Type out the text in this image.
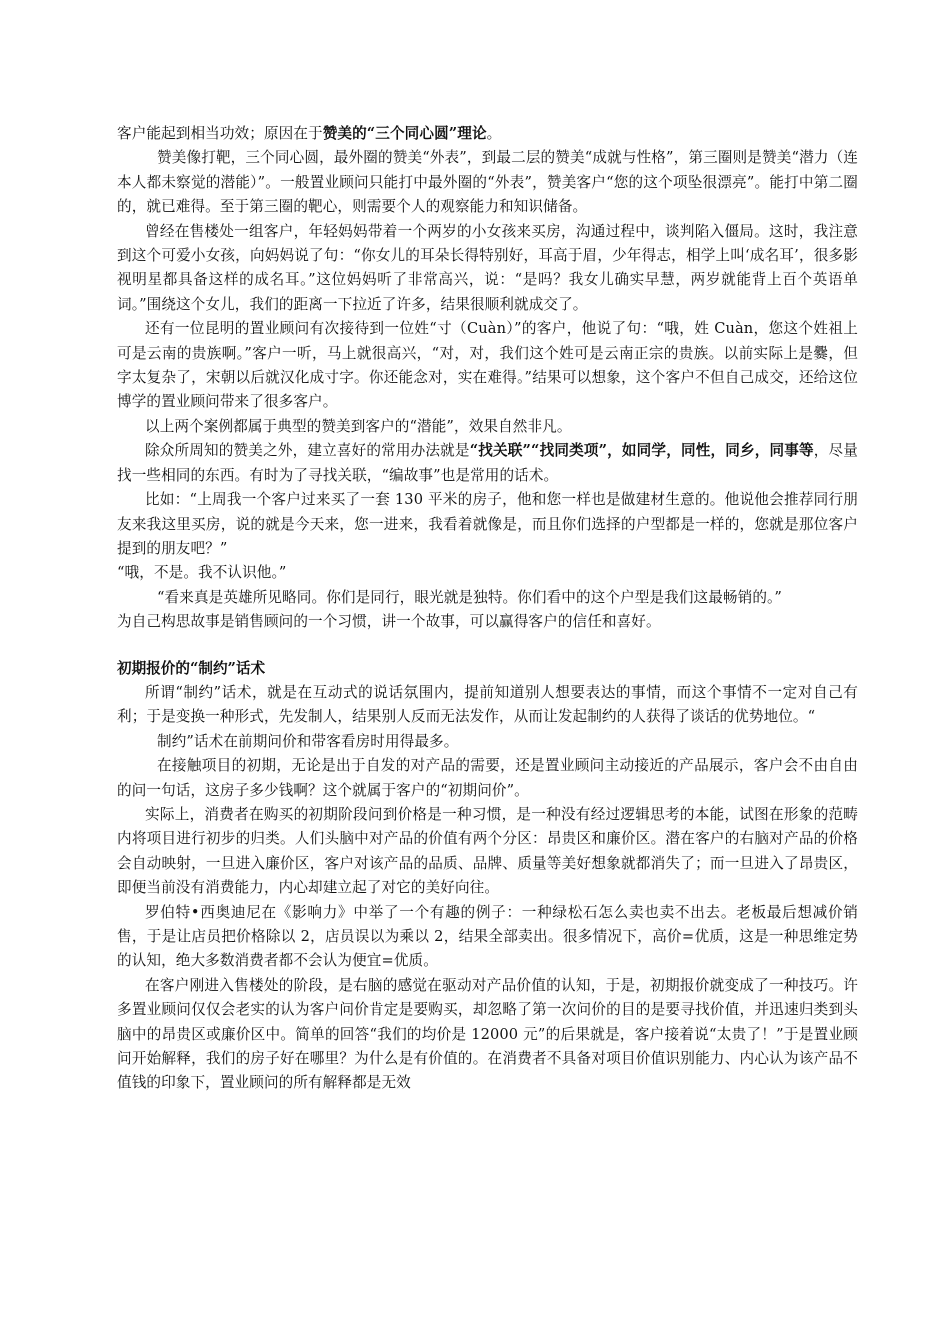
客户能起到相当功效；原因在于赞美的“三个同心圆”理论。

赞美像打靶，三个同心圆，最外圈的赞美“外表”，到最二层的赞美“成就与性格”，第三圈则是赞美“潜力（连本人都未察觉的潜能）”。一般置业顾问只能打中最外圈的“外表”，赞美客户“您的这个项坠很漂亮”。能打中第二圈的，就已难得。至于第三圈的靶心，则需要个人的观察能力和知识储备。

曾经在售楼处一组客户，年轻妈妈带着一个两岁的小女孩来买房，沟通过程中，谈判陷入僵局。这时，我注意到这个可爱小女孩，向妈妈说了句：“你女儿的耳朵长得特别好，耳高于眉，少年得志，相学上叫‘成名耳’，很多影视明星都具备这样的成名耳。”这位妈妈听了非常高兴，说：“是吗？我女儿确实早慧，两岁就能背上百个英语单词。”围绕这个女儿，我们的距离一下拉近了许多，结果很顺利就成交了。

还有一位昆明的置业顾问有次接待到一位姓“寸（Cuàn）”的客户，他说了句：“哦，姓 Cuàn，您这个姓祖上可是云南的贵族啊。”客户一听，马上就很高兴，“对，对，我们这个姓可是云南正宗的贵族。以前实际上是爨，但字太复杂了，宋朝以后就汉化成寸字。你还能念对，实在难得。”结果可以想象，这个客户不但自己成交，还给这位博学的置业顾问带来了很多客户。

以上两个案例都属于典型的赞美到客户的“潜能”，效果自然非凡。

除众所周知的赞美之外，建立喜好的常用办法就是“找关联”“找同类项”，如同学，同性，同乡，同事等，尽量找一些相同的东西。有时为了寻找关联，“编故事”也是常用的话术。

比如：“上周我一个客户过来买了一套 130 平米的房子，他和您一样也是做建材生意的。他说他会推荐同行朋友来我这里买房，说的就是今天来，您一进来，我看着就像是，而且你们选择的户型都是一样的，您就是那位客户提到的朋友吧？”

“哦，不是。我不认识他。”

“看来真是英雄所见略同。你们是同行，眼光就是独特。你们看中的这个户型是我们这最畅销的。”

为自己构思故事是销售顾问的一个习惯，讲一个故事，可以赢得客户的信任和喜好。

初期报价的“制约”话术

所谓“制约”话术，就是在互动式的说话氛围内，提前知道别人想要表达的事情，而这个事情不一定对自己有利；于是变换一种形式，先发制人，结果别人反而无法发作，从而让发起制约的人获得了谈话的优势地位。“

制约”话术在前期问价和带客看房时用得最多。

在接触项目的初期，无论是出于自发的对产品的需要，还是置业顾问主动接近的产品展示，客户会不由自由的问一句话，这房子多少钱啊？这个就属于客户的“初期问价”。

实际上，消费者在购买的初期阶段问到价格是一种习惯，是一种没有经过逻辑思考的本能，试图在形象的范畴内将项目进行初步的归类。人们头脑中对产品的价值有两个分区：昂贵区和廉价区。潜在客户的右脑对产品的价格会自动映射，一旦进入廉价区，客户对该产品的品质、品牌、质量等美好想象就都消失了；而一旦进入了昂贵区，即便当前没有消费能力，内心却建立起了对它的美好向往。

罗伯特•西奥迪尼在《影响力》中举了一个有趣的例子：一种绿松石怎么卖也卖不出去。老板最后想减价销售，于是让店员把价格除以 2，店员误以为乘以 2，结果全部卖出。很多情况下，高价=优质，这是一种思维定势的认知，绝大多数消费者都不会认为便宜=优质。

在客户刚进入售楼处的阶段，是右脑的感觉在驱动对产品价值的认知，于是，初期报价就变成了一种技巧。许多置业顾问仅仅会老实的认为客户问价肯定是要购买，却忽略了第一次问价的目的是要寻找价值，并迅速归类到头脑中的昂贵区或廉价区中。简单的回答“我们的均价是 12000 元”的后果就是，客户接着说“太贵了！”于是置业顾问开始解释，我们的房子好在哪里？为什么是有价值的。在消费者不具备对项目价值识别能力、内心认为该产品不值钱的印象下，置业顾问的所有解释都是无效
